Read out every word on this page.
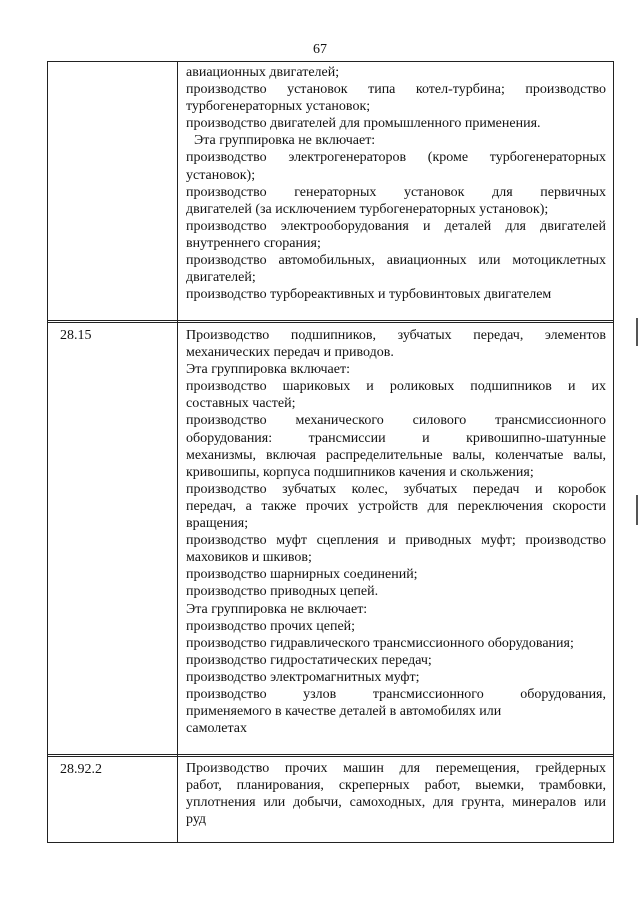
67
авиационных двигателей;
производство установок типа котел-турбина; производство
турбогенераторных установок;
производство двигателей для промышленного применения.
Эта группировка не включает:
производство электрогенераторов (кроме турбогенераторных
установок);
производство генераторных установок для первичных
двигателей (за исключением турбогенераторных установок);
производство электрооборудования и деталей для двигателей
внутреннего сгорания;
производство автомобильных, авиационных или мотоциклетных
двигателей;
производство турбореактивных и турбовинтовых двигателем
28.15	Производство подшипников, зубчатых передач, элементов
механических передач и приводов.
Эта группировка включает:
производство шариковых и роликовых подшипников и их
составных частей;
производство механического силового трансмиссионного
оборудования: трансмиссии и кривошипно-шатунные
механизмы, включая распределительные валы, коленчатые валы,
кривошипы, корпуса подшипников качения и скольжения;
производство зубчатых колес, зубчатых передач и коробок
передач, а также прочих устройств для переключения скорости
вращения;
производство муфт сцепления и приводных муфт; производство
маховиков и шкивов;
производство шарнирных соединений;
производство приводных цепей.
Эта группировка не включает:
производство прочих цепей;
производство гидравлического трансмиссионного оборудования;
производство гидростатических передач;
производство электромагнитных муфт;
производство узлов трансмиссионного оборудования,
применяемого в качестве деталей в автомобилях или
самолетах
28.92.2	Производство прочих машин для перемещения, грейдерных
работ, планирования, скреперных работ, выемки, трамбовки,
уплотнения или добычи, самоходных, для грунта, минералов или
руд
